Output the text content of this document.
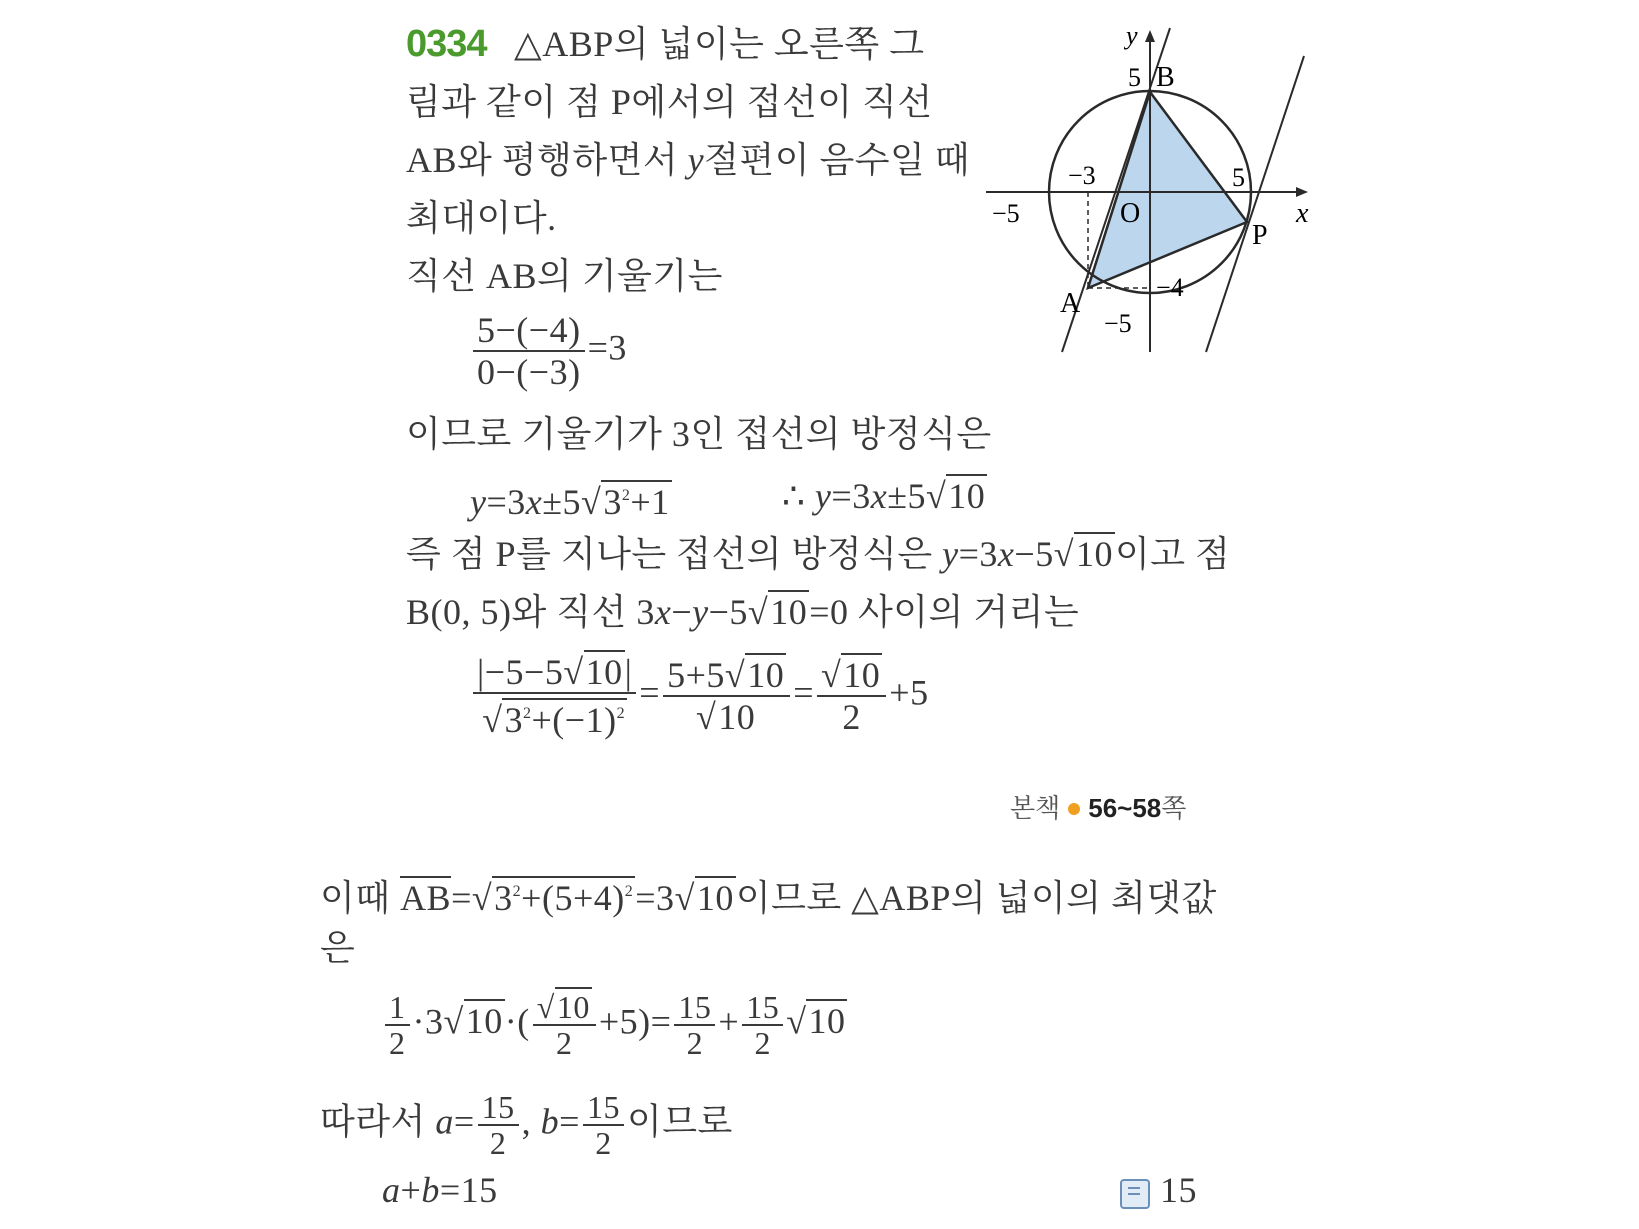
0334 △ABP의 넓이는 오른쪽 그
림과 같이 점 P에서의 접선이 직선
AB와 평행하면서 y절편이 음수일 때
최대이다.
직선 AB의 기울기는
$\frac{5-(-4)}{0-(-3)} =3$
이므로 기울기가 3인 접선의 방정식은
$y=3x\pm 5√3^2+1$	∴ y=3x±5√10
즉 점 P를 지나는 접선의 방정식은 y=3x−5√10이고 점
B(0, 5)와 직선 3x−y−5√10=0 사이의 거리는
$\frac{|-5-5√10|}{√3^2+(-1)^2} = \frac{5+5√10}{√10} = \frac{√10}{2} +5$
본책 56~58쪽
이때 $AB=√3^2+(5+4)^2=3√10$이므로 △ABP의 넓이의 최댓값
은
$\frac{1}{2} \cdot 3√10\cdot( \frac{√10}{2} +5)= \frac{15}{2} + \frac{15}{2} √10$
따라서 $a= \frac{15}{2}$ , $b= \frac{15}{2}$ 이므로
a+b=15	15
y
x
O
5 B
5
−5
−3
P
A
−4
−5
